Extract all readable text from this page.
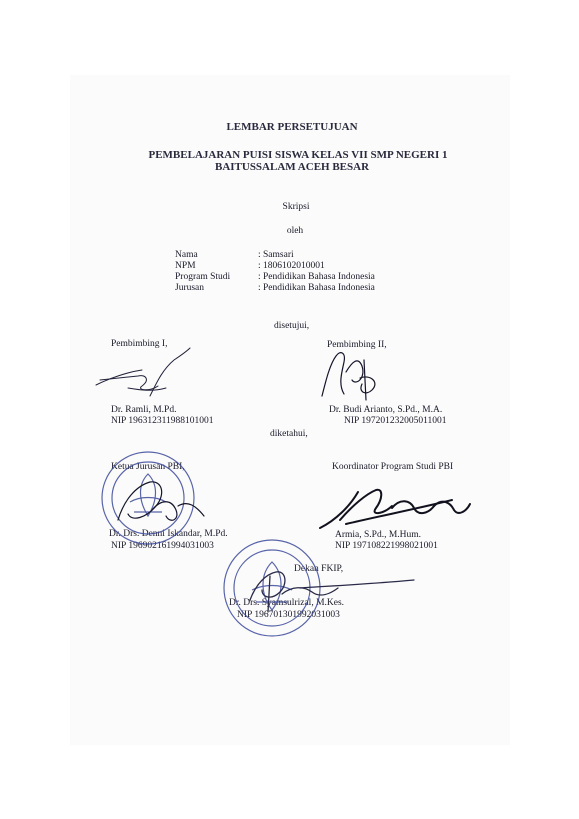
LEMBAR PERSETUJUAN
PEMBELAJARAN PUISI SISWA KELAS VII SMP NEGERI 1
BAITUSSALAM ACEH BESAR
Skripsi
oleh
Nama	: Samsari
NPM	: 1806102010001
Program Studi	: Pendidikan Bahasa Indonesia
Jurusan	: Pendidikan Bahasa Indonesia
disetujui,
Pembimbing I,	Pembimbing II,
Dr. Ramli, M.Pd.
NIP 196312311988101001
Dr. Budi Arianto, S.Pd., M.A.
NIP 197201232005011001
diketahui,
Ketua Jurusan PBI,	Koordinator Program Studi PBI
Dr. Drs. Denni Iskandar, M.Pd.
NIP 196902161994031003
Armia, S.Pd., M.Hum.
NIP 197108221998021001
Dekan FKIP,
Dr. Drs. Syamsulrizal, M.Kes.
NIP 196701301992031003
